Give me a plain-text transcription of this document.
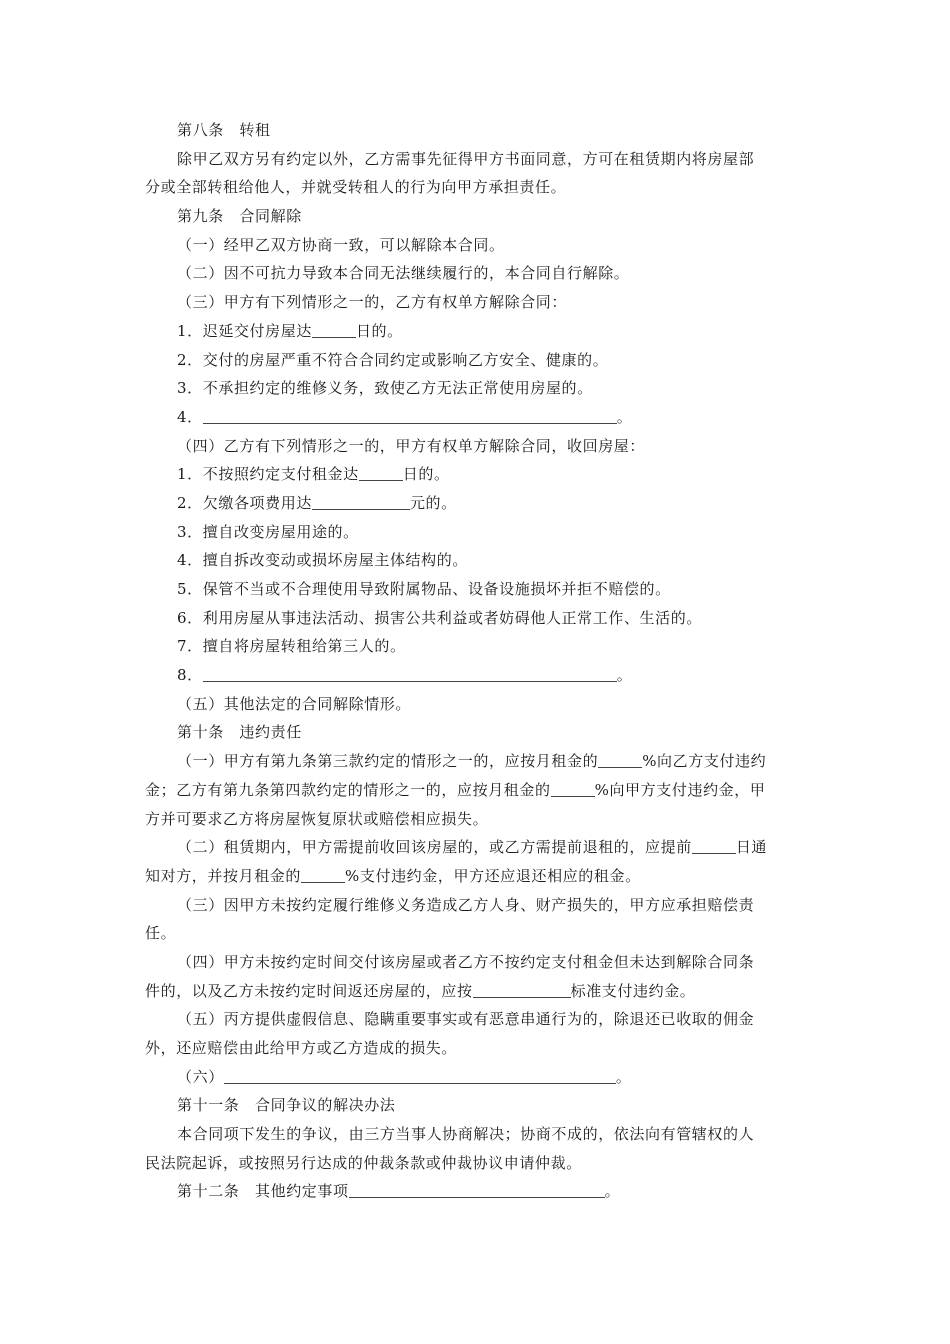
第八条　转租
除甲乙双方另有约定以外，乙方需事先征得甲方书面同意，方可在租赁期内将房屋部
分或全部转租给他人，并就受转租人的行为向甲方承担责任。
第九条　合同解除
（一）经甲乙双方协商一致，可以解除本合同。
（二）因不可抗力导致本合同无法继续履行的，本合同自行解除。
（三）甲方有下列情形之一的，乙方有权单方解除合同：
1．迟延交付房屋达	日的。
2．交付的房屋严重不符合合同约定或影响乙方安全、健康的。
3．不承担约定的维修义务，致使乙方无法正常使用房屋的。
4．	。
（四）乙方有下列情形之一的，甲方有权单方解除合同，收回房屋：
1．不按照约定支付租金达	日的。
2．欠缴各项费用达	元的。
3．擅自改变房屋用途的。
4．擅自拆改变动或损坏房屋主体结构的。
5．保管不当或不合理使用导致附属物品、设备设施损坏并拒不赔偿的。
6．利用房屋从事违法活动、损害公共利益或者妨碍他人正常工作、生活的。
7．擅自将房屋转租给第三人的。
8．	。
（五）其他法定的合同解除情形。
第十条　违约责任
（一）甲方有第九条第三款约定的情形之一的，应按月租金的	%向乙方支付违约
金；乙方有第九条第四款约定的情形之一的，应按月租金的	%向甲方支付违约金，甲
方并可要求乙方将房屋恢复原状或赔偿相应损失。
（二）租赁期内，甲方需提前收回该房屋的，或乙方需提前退租的，应提前	日通
知对方，并按月租金的	%支付违约金，甲方还应退还相应的租金。
（三）因甲方未按约定履行维修义务造成乙方人身、财产损失的，甲方应承担赔偿责
任。
（四）甲方未按约定时间交付该房屋或者乙方不按约定支付租金但未达到解除合同条
件的，以及乙方未按约定时间返还房屋的，应按	标准支付违约金。
（五）丙方提供虚假信息、隐瞒重要事实或有恶意串通行为的，除退还已收取的佣金
外，还应赔偿由此给甲方或乙方造成的损失。
（六）	。
第十一条　合同争议的解决办法
本合同项下发生的争议，由三方当事人协商解决；协商不成的，依法向有管辖权的人
民法院起诉，或按照另行达成的仲裁条款或仲裁协议申请仲裁。
第十二条　其他约定事项	。
